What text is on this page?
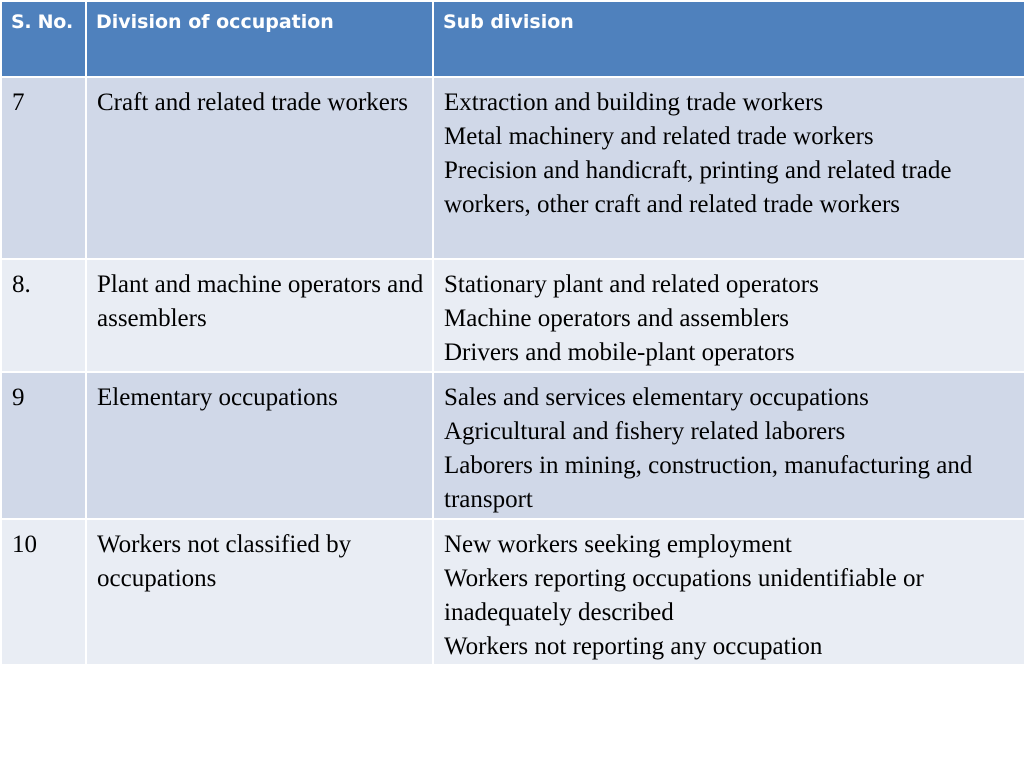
S. No.	Division of occupation	Sub division
7	Craft and related trade workers	Extraction and building trade workers
Metal machinery and related trade workers
Precision and handicraft, printing and related trade workers, other craft and related trade workers

8.	Plant and machine operators and assemblers	Stationary plant and related operators
Machine operators and assemblers
Drivers and mobile-plant operators

9	Elementary occupations	Sales and services elementary occupations
Agricultural and fishery related laborers
Laborers in mining, construction, manufacturing and transport

10	Workers not classified by occupations	New workers seeking employment
Workers reporting occupations unidentifiable or inadequately described
Workers not reporting any occupation
